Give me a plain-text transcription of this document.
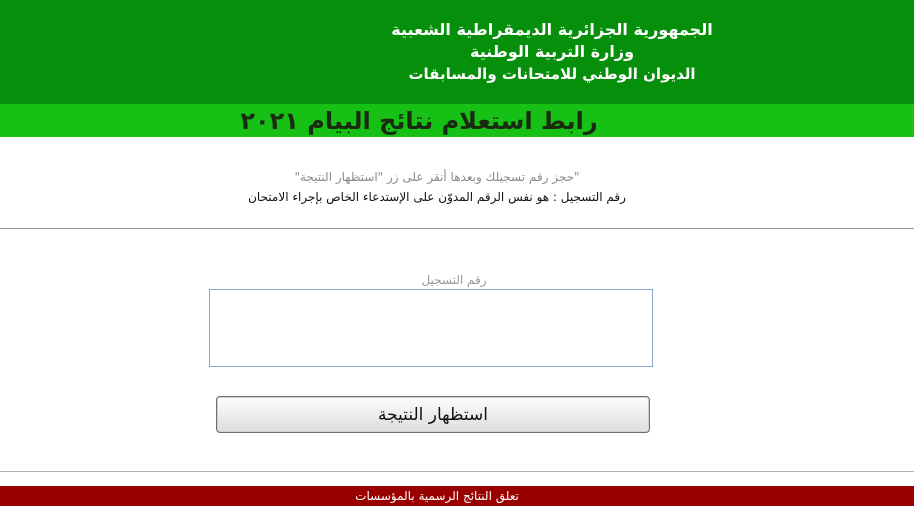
الجمهورية الجزائرية الديمقراطية الشعبية
وزارة التربية الوطنية
الديوان الوطني للامتحانات والمسابقات
رابط استعلام نتائج البيام ٢٠٢١
"حجز رقم تسجيلك وبعدها أنقر على زر "استظهار النتيجة"
رقم التسجيل : هو نفس الرقم المدوّن على الإستدعاء الخاص بإجراء الامتحان
رقم التسجيل
استظهار النتيجة
تعلق النتائج الرسمية بالمؤسسات
